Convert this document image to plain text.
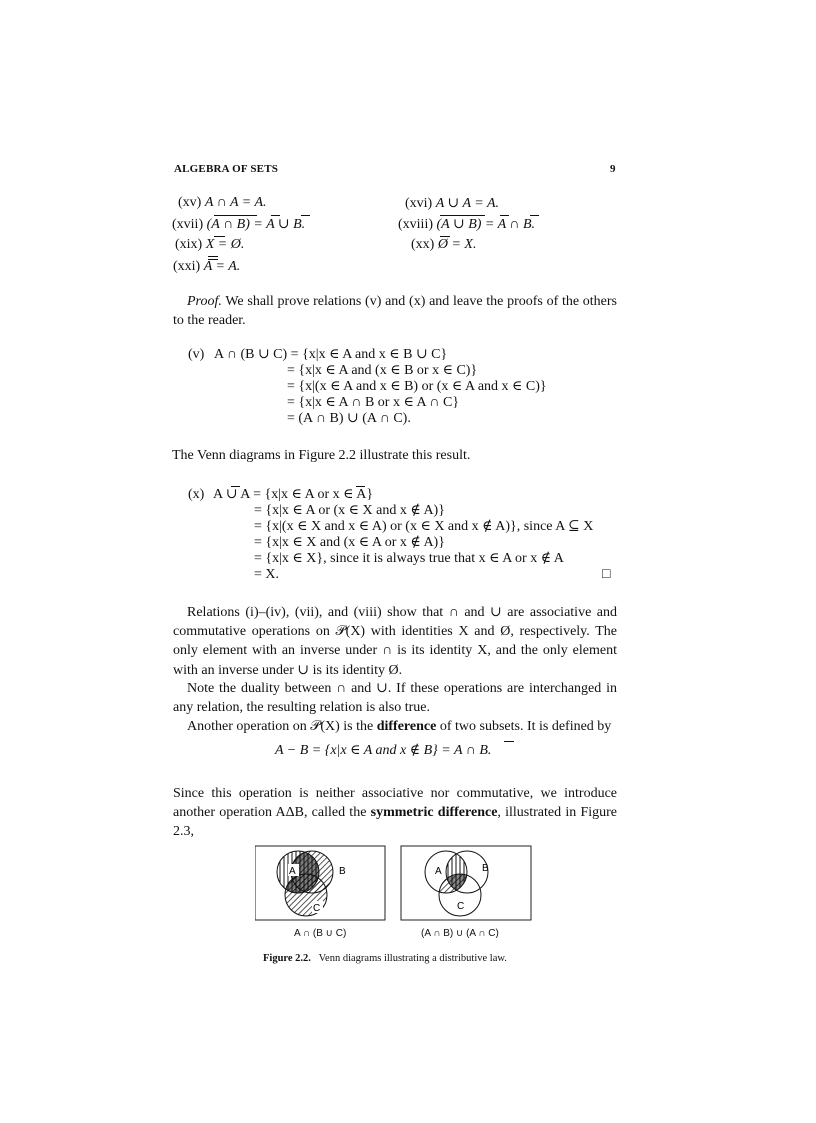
ALGEBRA OF SETS	9
(xv) A ∩ A = A.	(xvi) A ∪ A = A.
(xvii) (A ∩ B) = A ∪ B.	(xviii) (A ∪ B) = A ∩ B.
(xix) X = Ø.	(xx) Ø = X.
(xxi) A = A.

Proof. We shall prove relations (v) and (x) and leave the proofs of the others to the reader.

(v) A ∩ (B ∪ C) = {x|x ∈ A and x ∈ B ∪ C}
= {x|x ∈ A and (x ∈ B or x ∈ C)}
= {x|(x ∈ A and x ∈ B) or (x ∈ A and x ∈ C)}
= {x|x ∈ A ∩ B or x ∈ A ∩ C}
= (A ∩ B) ∪ (A ∩ C).
The Venn diagrams in Figure 2.2 illustrate this result.
(x) A ∪ A = {x|x ∈ A or x ∈ A}
= {x|x ∈ A or (x ∈ X and x ∉ A)}
= {x|(x ∈ X and x ∈ A) or (x ∈ X and x ∉ A)}, since A ⊆ X
= {x|x ∈ X and (x ∈ A or x ∉ A)}
= {x|x ∈ X}, since it is always true that x ∈ A or x ∉ A
= X.	□

Relations (i)–(iv), (vii), and (viii) show that ∩ and ∪ are associative and commutative operations on 𝒫(X) with identities X and Ø, respectively. The only element with an inverse under ∩ is its identity X, and the only element with an inverse under ∪ is its identity Ø.

Note the duality between ∩ and ∪. If these operations are interchanged in any relation, the resulting relation is also true.

Another operation on 𝒫(X) is the difference of two subsets. It is defined by

A − B = {x|x ∈ A and x ∉ B} = A ∩ B.

Since this operation is neither associative nor commutative, we introduce another operation AΔB, called the symmetric difference, illustrated in Figure 2.3,

A	B
C
A	B
C
A ∩ (B ∪ C)	(A ∩ B) ∪ (A ∩ C)
Figure 2.2. Venn diagrams illustrating a distributive law.
